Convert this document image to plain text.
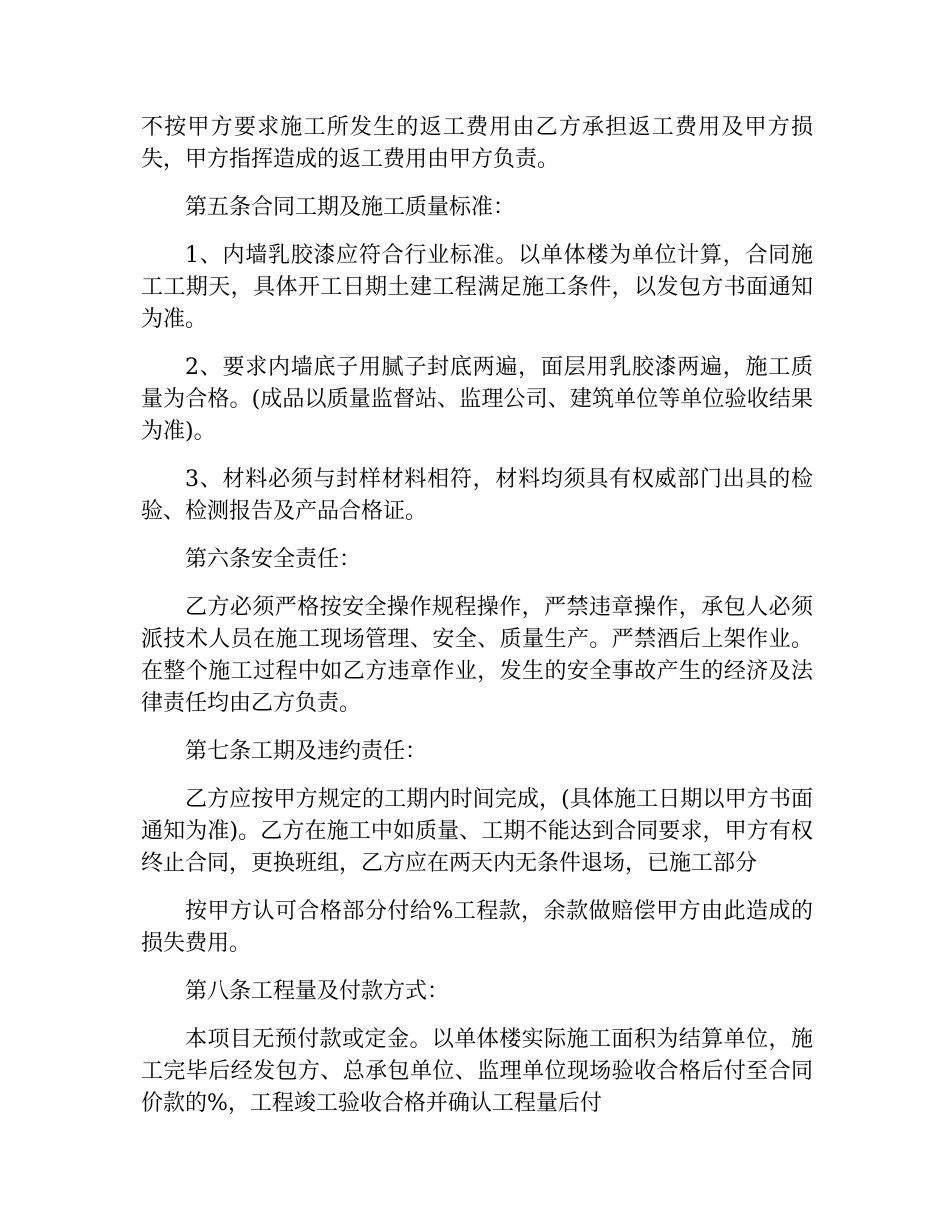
不按甲方要求施工所发生的返工费用由乙方承担返工费用及甲方损失，甲方指挥造成的返工费用由甲方负责。

第五条合同工期及施工质量标准：

1、内墙乳胶漆应符合行业标准。以单体楼为单位计算，合同施工工期天，具体开工日期土建工程满足施工条件，以发包方书面通知为准。

2、要求内墙底子用腻子封底两遍，面层用乳胶漆两遍，施工质量为合格。(成品以质量监督站、监理公司、建筑单位等单位验收结果为准)。

3、材料必须与封样材料相符，材料均须具有权威部门出具的检验、检测报告及产品合格证。

第六条安全责任：

乙方必须严格按安全操作规程操作，严禁违章操作，承包人必须派技术人员在施工现场管理、安全、质量生产。严禁酒后上架作业。在整个施工过程中如乙方违章作业，发生的安全事故产生的经济及法律责任均由乙方负责。

第七条工期及违约责任：

乙方应按甲方规定的工期内时间完成，(具体施工日期以甲方书面通知为准)。乙方在施工中如质量、工期不能达到合同要求，甲方有权终止合同，更换班组，乙方应在两天内无条件退场，已施工部分

按甲方认可合格部分付给%工程款，余款做赔偿甲方由此造成的损失费用。

第八条工程量及付款方式：

本项目无预付款或定金。以单体楼实际施工面积为结算单位，施工完毕后经发包方、总承包单位、监理单位现场验收合格后付至合同价款的%，工程竣工验收合格并确认工程量后付
